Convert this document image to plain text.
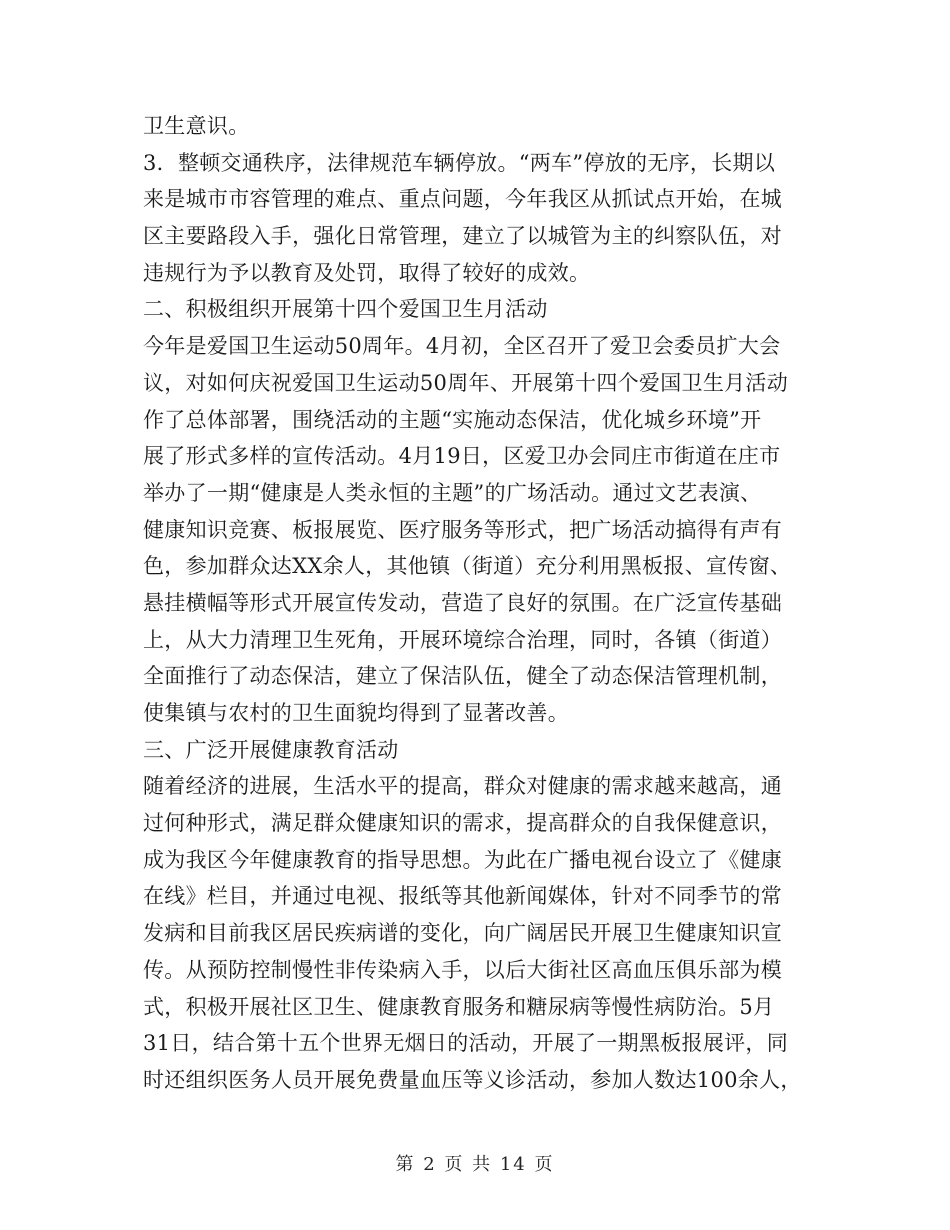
卫生意识。
3．整顿交通秩序，法律规范车辆停放。“两车”停放的无序，长期以
来是城市市容管理的难点、重点问题，今年我区从抓试点开始，在城
区主要路段入手，强化日常管理，建立了以城管为主的纠察队伍，对
违规行为予以教育及处罚，取得了较好的成效。
二、积极组织开展第十四个爱国卫生月活动
今年是爱国卫生运动50周年。4月初，全区召开了爱卫会委员扩大会
议，对如何庆祝爱国卫生运动50周年、开展第十四个爱国卫生月活动
作了总体部署，围绕活动的主题“实施动态保洁，优化城乡环境”开
展了形式多样的宣传活动。4月19日，区爱卫办会同庄市街道在庄市
举办了一期“健康是人类永恒的主题”的广场活动。通过文艺表演、
健康知识竞赛、板报展览、医疗服务等形式，把广场活动搞得有声有
色，参加群众达XX余人，其他镇（街道）充分利用黑板报、宣传窗、
悬挂横幅等形式开展宣传发动，营造了良好的氛围。在广泛宣传基础
上，从大力清理卫生死角，开展环境综合治理，同时，各镇（街道）
全面推行了动态保洁，建立了保洁队伍，健全了动态保洁管理机制，
使集镇与农村的卫生面貌均得到了显著改善。
三、广泛开展健康教育活动
随着经济的进展，生活水平的提高，群众对健康的需求越来越高，通
过何种形式，满足群众健康知识的需求，提高群众的自我保健意识，
成为我区今年健康教育的指导思想。为此在广播电视台设立了《健康
在线》栏目，并通过电视、报纸等其他新闻媒体，针对不同季节的常
发病和目前我区居民疾病谱的变化，向广阔居民开展卫生健康知识宣
传。从预防控制慢性非传染病入手，以后大街社区高血压俱乐部为模
式，积极开展社区卫生、健康教育服务和糖尿病等慢性病防治。5月
31日，结合第十五个世界无烟日的活动，开展了一期黑板报展评，同
时还组织医务人员开展免费量血压等义诊活动，参加人数达100余人，
第 2 页 共 14 页
